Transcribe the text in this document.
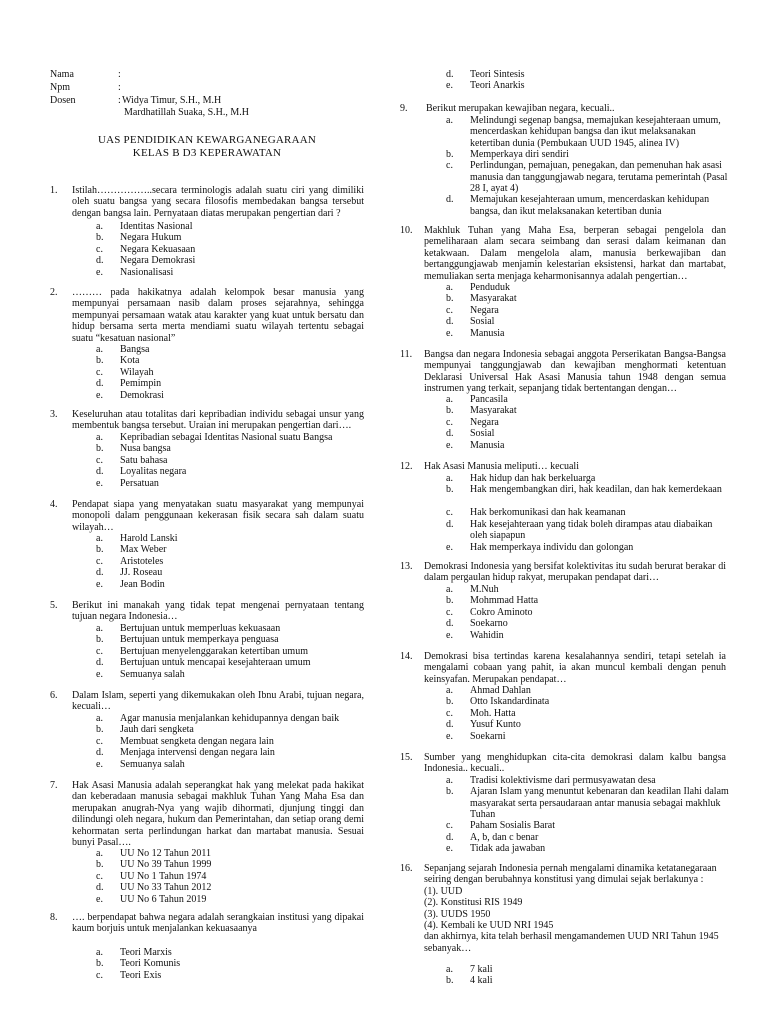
Nama	:
Npm	:
Dosen	: Widya Timur, S.H., M.H
Mardhatillah Suaka, S.H., M.H
UAS PENDIDIKAN KEWARGANEGARAAN
KELAS B D3 KEPERAWATAN
1. Istilah……………..secara terminologis adalah suatu ciri yang dimiliki oleh suatu bangsa yang secara filosofis membedakan bangsa tersebut dengan bangsa lain. Pernyataan diatas merupakan pengertian dari ?
a. Identitas Nasional
b. Negara Hukum
c. Negara Kekuasaan
d. Negara Demokrasi
e. Nasionalisasi
2. ……… pada hakikatnya adalah kelompok besar manusia yang mempunyai persamaan nasib dalam proses sejarahnya, sehingga mempunyai persamaan watak atau karakter yang kuat untuk bersatu dan hidup bersama serta merta mendiami suatu wilayah tertentu sebagai suatu “kesatuan nasional”
a. Bangsa
b. Kota
c. Wilayah
d. Pemimpin
e. Demokrasi
3. Keseluruhan atau totalitas dari kepribadian individu sebagai unsur yang membentuk bangsa tersebut. Uraian ini merupakan pengertian dari….
a. Kepribadian sebagai Identitas Nasional suatu Bangsa
b. Nusa bangsa
c. Satu bahasa
d. Loyalitas negara
e. Persatuan
4. Pendapat siapa yang menyatakan suatu masyarakat yang mempunyai monopoli dalam penggunaan kekerasan fisik secara sah dalam suatu wilayah…
a. Harold Lanski
b. Max Weber
c. Aristoteles
d. JJ. Roseau
e. Jean Bodin
5. Berikut ini manakah yang tidak tepat mengenai pernyataan tentang tujuan negara Indonesia…
a. Bertujuan untuk memperluas kekuasaan
b. Bertujuan untuk memperkaya penguasa
c. Bertujuan menyelenggarakan ketertiban umum
d. Bertujuan untuk mencapai kesejahteraan umum
e. Semuanya salah
6. Dalam Islam, seperti yang dikemukakan oleh Ibnu Arabi, tujuan negara, kecuali…
a. Agar manusia menjalankan kehidupannya dengan baik
b. Jauh dari sengketa
c. Membuat sengketa dengan negara lain
d. Menjaga intervensi dengan negara lain
e. Semuanya salah
7. Hak Asasi Manusia adalah seperangkat hak yang melekat pada hakikat dan keberadaan manusia sebagai makhluk Tuhan Yang Maha Esa dan merupakan anugrah-Nya yang wajib dihormati, djunjung tinggi dan dilindungi oleh negara, hukum dan Pemerintahan, dan setiap orang demi kehormatan serta perlindungan harkat dan martabat manusia. Sesuai bunyi Pasal….
a. UU No 12 Tahun 2011
b. UU No 39 Tahun 1999
c. UU No 1 Tahun 1974
d. UU No 33 Tahun 2012
e. UU No 6 Tahun 2019
8. …. berpendapat bahwa negara adalah serangkaian institusi yang dipakai kaum borjuis untuk menjalankan kekuasaanya
a. Teori Marxis
b. Teori Komunis
c. Teori Exis
d. Teori Sintesis
e. Teori Anarkis
9. Berikut merupakan kewajiban negara, kecuali..
a. Melindungi segenap bangsa, memajukan kesejahteraan umum, mencerdaskan kehidupan bangsa dan ikut melaksanakan ketertiban dunia (Pembukaan UUD 1945, alinea IV)
b. Memperkaya diri sendiri
c. Perlindungan, pemajuan, penegakan, dan pemenuhan hak asasi manusia dan tanggungjawab negara, terutama pemerintah (Pasal 28 I, ayat 4)
d. Memajukan kesejahteraan umum, mencerdaskan kehidupan bangsa, dan ikut melaksanakan ketertiban dunia
10. Makhluk Tuhan yang Maha Esa, berperan sebagai pengelola dan pemeliharaan alam secara seimbang dan serasi dalam keimanan dan ketakwaan. Dalam mengelola alam, manusia berkewajiban dan bertanggungjawab menjamin kelestarian eksistensi, harkat dan martabat, memuliakan serta menjaga keharmonisannya adalah pengertian…
a. Penduduk
b. Masyarakat
c. Negara
d. Sosial
e. Manusia
11. Bangsa dan negara Indonesia sebagai anggota Perserikatan Bangsa-Bangsa mempunyai tanggungjawab dan kewajiban menghormati ketentuan Deklarasi Universal Hak Asasi Manusia tahun 1948 dengan semua instrumen yang terkait, sepanjang tidak bertentangan dengan…
a. Pancasila
b. Masyarakat
c. Negara
d. Sosial
e. Manusia
12. Hak Asasi Manusia meliputi… kecuali
a. Hak hidup dan hak berkeluarga
b. Hak mengembangkan diri, hak keadilan, dan hak kemerdekaan
c. Hak berkomunikasi dan hak keamanan
d. Hak kesejahteraan yang tidak boleh dirampas atau diabaikan oleh siapapun
e. Hak memperkaya individu dan golongan
13. Demokrasi Indonesia yang bersifat kolektivitas itu sudah berurat berakar di dalam pergaulan hidup rakyat, merupakan pendapat dari…
a. M.Nuh
b. Mohmmad Hatta
c. Cokro Aminoto
d. Soekarno
e. Wahidin
14. Demokrasi bisa tertindas karena kesalahannya sendiri, tetapi setelah ia mengalami cobaan yang pahit, ia akan muncul kembali dengan penuh keinsyafan. Merupakan pendapat…
a. Ahmad Dahlan
b. Otto Iskandardinata
c. Moh. Hatta
d. Yusuf Kunto
e. Soekarni
15. Sumber yang menghidupkan cita-cita demokrasi dalam kalbu bangsa Indonesia.. kecuali..
a. Tradisi kolektivisme dari permusyawatan desa
b. Ajaran Islam yang menuntut kebenaran dan keadilan Ilahi dalam masyarakat serta persaudaraan antar manusia sebagai makhluk Tuhan
c. Paham Sosialis Barat
d. A, b, dan c benar
e. Tidak ada jawaban
16. Sepanjang sejarah Indonesia pernah mengalami dinamika ketatanegaraan seiring dengan berubahnya konstitusi yang dimulai sejak berlakunya :
(1). UUD
(2). Konstitusi RIS 1949
(3). UUDS 1950
(4). Kembali ke UUD NRI 1945
dan akhirnya, kita telah berhasil mengamandemen UUD NRI Tahun 1945 sebanyak…
a. 7 kali
b. 4 kali
